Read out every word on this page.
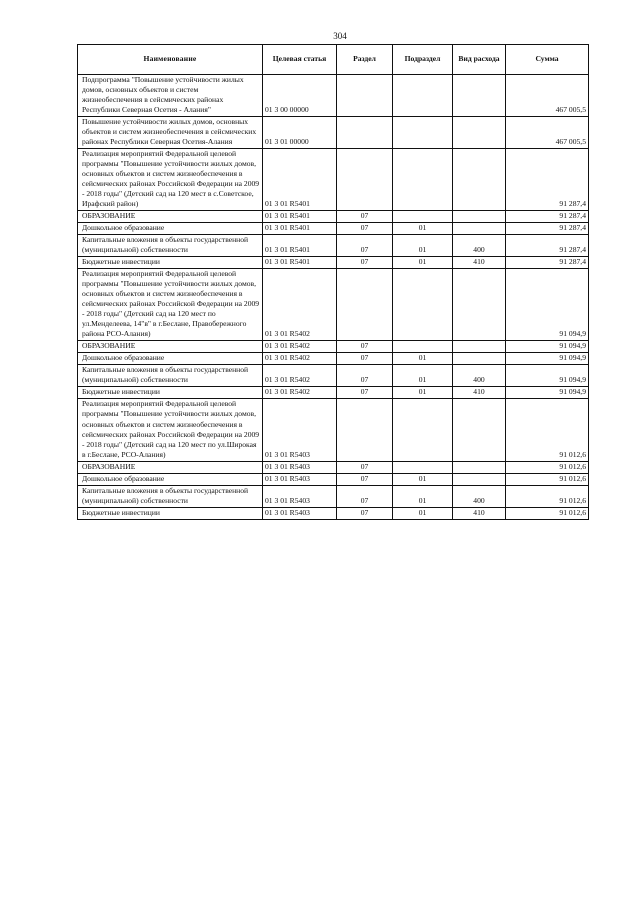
304
Наименование	Целевая статья	Раздел	Подраздел	Вид расхода	Сумма
Подпрограмма "Повышение устойчивости жилых домов, основных объектов и систем жизнеобеспечения в сейсмических районах Республики Северная Осетия - Алания"	01 3 00 00000				467 005,5
Повышение устойчивости жилых домов, основных объектов и систем жизнеобеспечения в сейсмических районах Республики Северная Осетия-Алания	01 3 01 00000				467 005,5
Реализация мероприятий Федеральной целевой программы "Повышение устойчивости жилых домов, основных объектов и систем жизнеобеспечения в сейсмических районах Российской Федерации на 2009 - 2018 годы" (Детский сад на 120 мест в с.Советское, Ирафский район)	01 3 01 R5401				91 287,4
ОБРАЗОВАНИЕ	01 3 01 R5401	07			91 287,4
Дошкольное образование	01 3 01 R5401	07	01		91 287,4
Капитальные вложения в объекты государственной (муниципальной) собственности	01 3 01 R5401	07	01	400	91 287,4
Бюджетные инвестиции	01 3 01 R5401	07	01	410	91 287,4
Реализация мероприятий Федеральной целевой программы "Повышение устойчивости жилых домов, основных объектов и систем жизнеобеспечения в сейсмических районах Российской Федерации на 2009 - 2018 годы" (Детский сад на 120 мест по ул.Менделеева, 14"в" в г.Беслане, Правобережного района РСО-Алания)	01 3 01 R5402				91 094,9
ОБРАЗОВАНИЕ	01 3 01 R5402	07			91 094,9
Дошкольное образование	01 3 01 R5402	07	01		91 094,9
Капитальные вложения в объекты государственной (муниципальной) собственности	01 3 01 R5402	07	01	400	91 094,9
Бюджетные инвестиции	01 3 01 R5402	07	01	410	91 094,9
Реализация мероприятий Федеральной целевой программы "Повышение устойчивости жилых домов, основных объектов и систем жизнеобеспечения в сейсмических районах Российской Федерации на 2009 - 2018 годы" (Детский сад на 120 мест по ул.Широкая в г.Беслане, РСО-Алания)	01 3 01 R5403				91 012,6
ОБРАЗОВАНИЕ	01 3 01 R5403	07			91 012,6
Дошкольное образование	01 3 01 R5403	07	01		91 012,6
Капитальные вложения в объекты государственной (муниципальной) собственности	01 3 01 R5403	07	01	400	91 012,6
Бюджетные инвестиции	01 3 01 R5403	07	01	410	91 012,6
